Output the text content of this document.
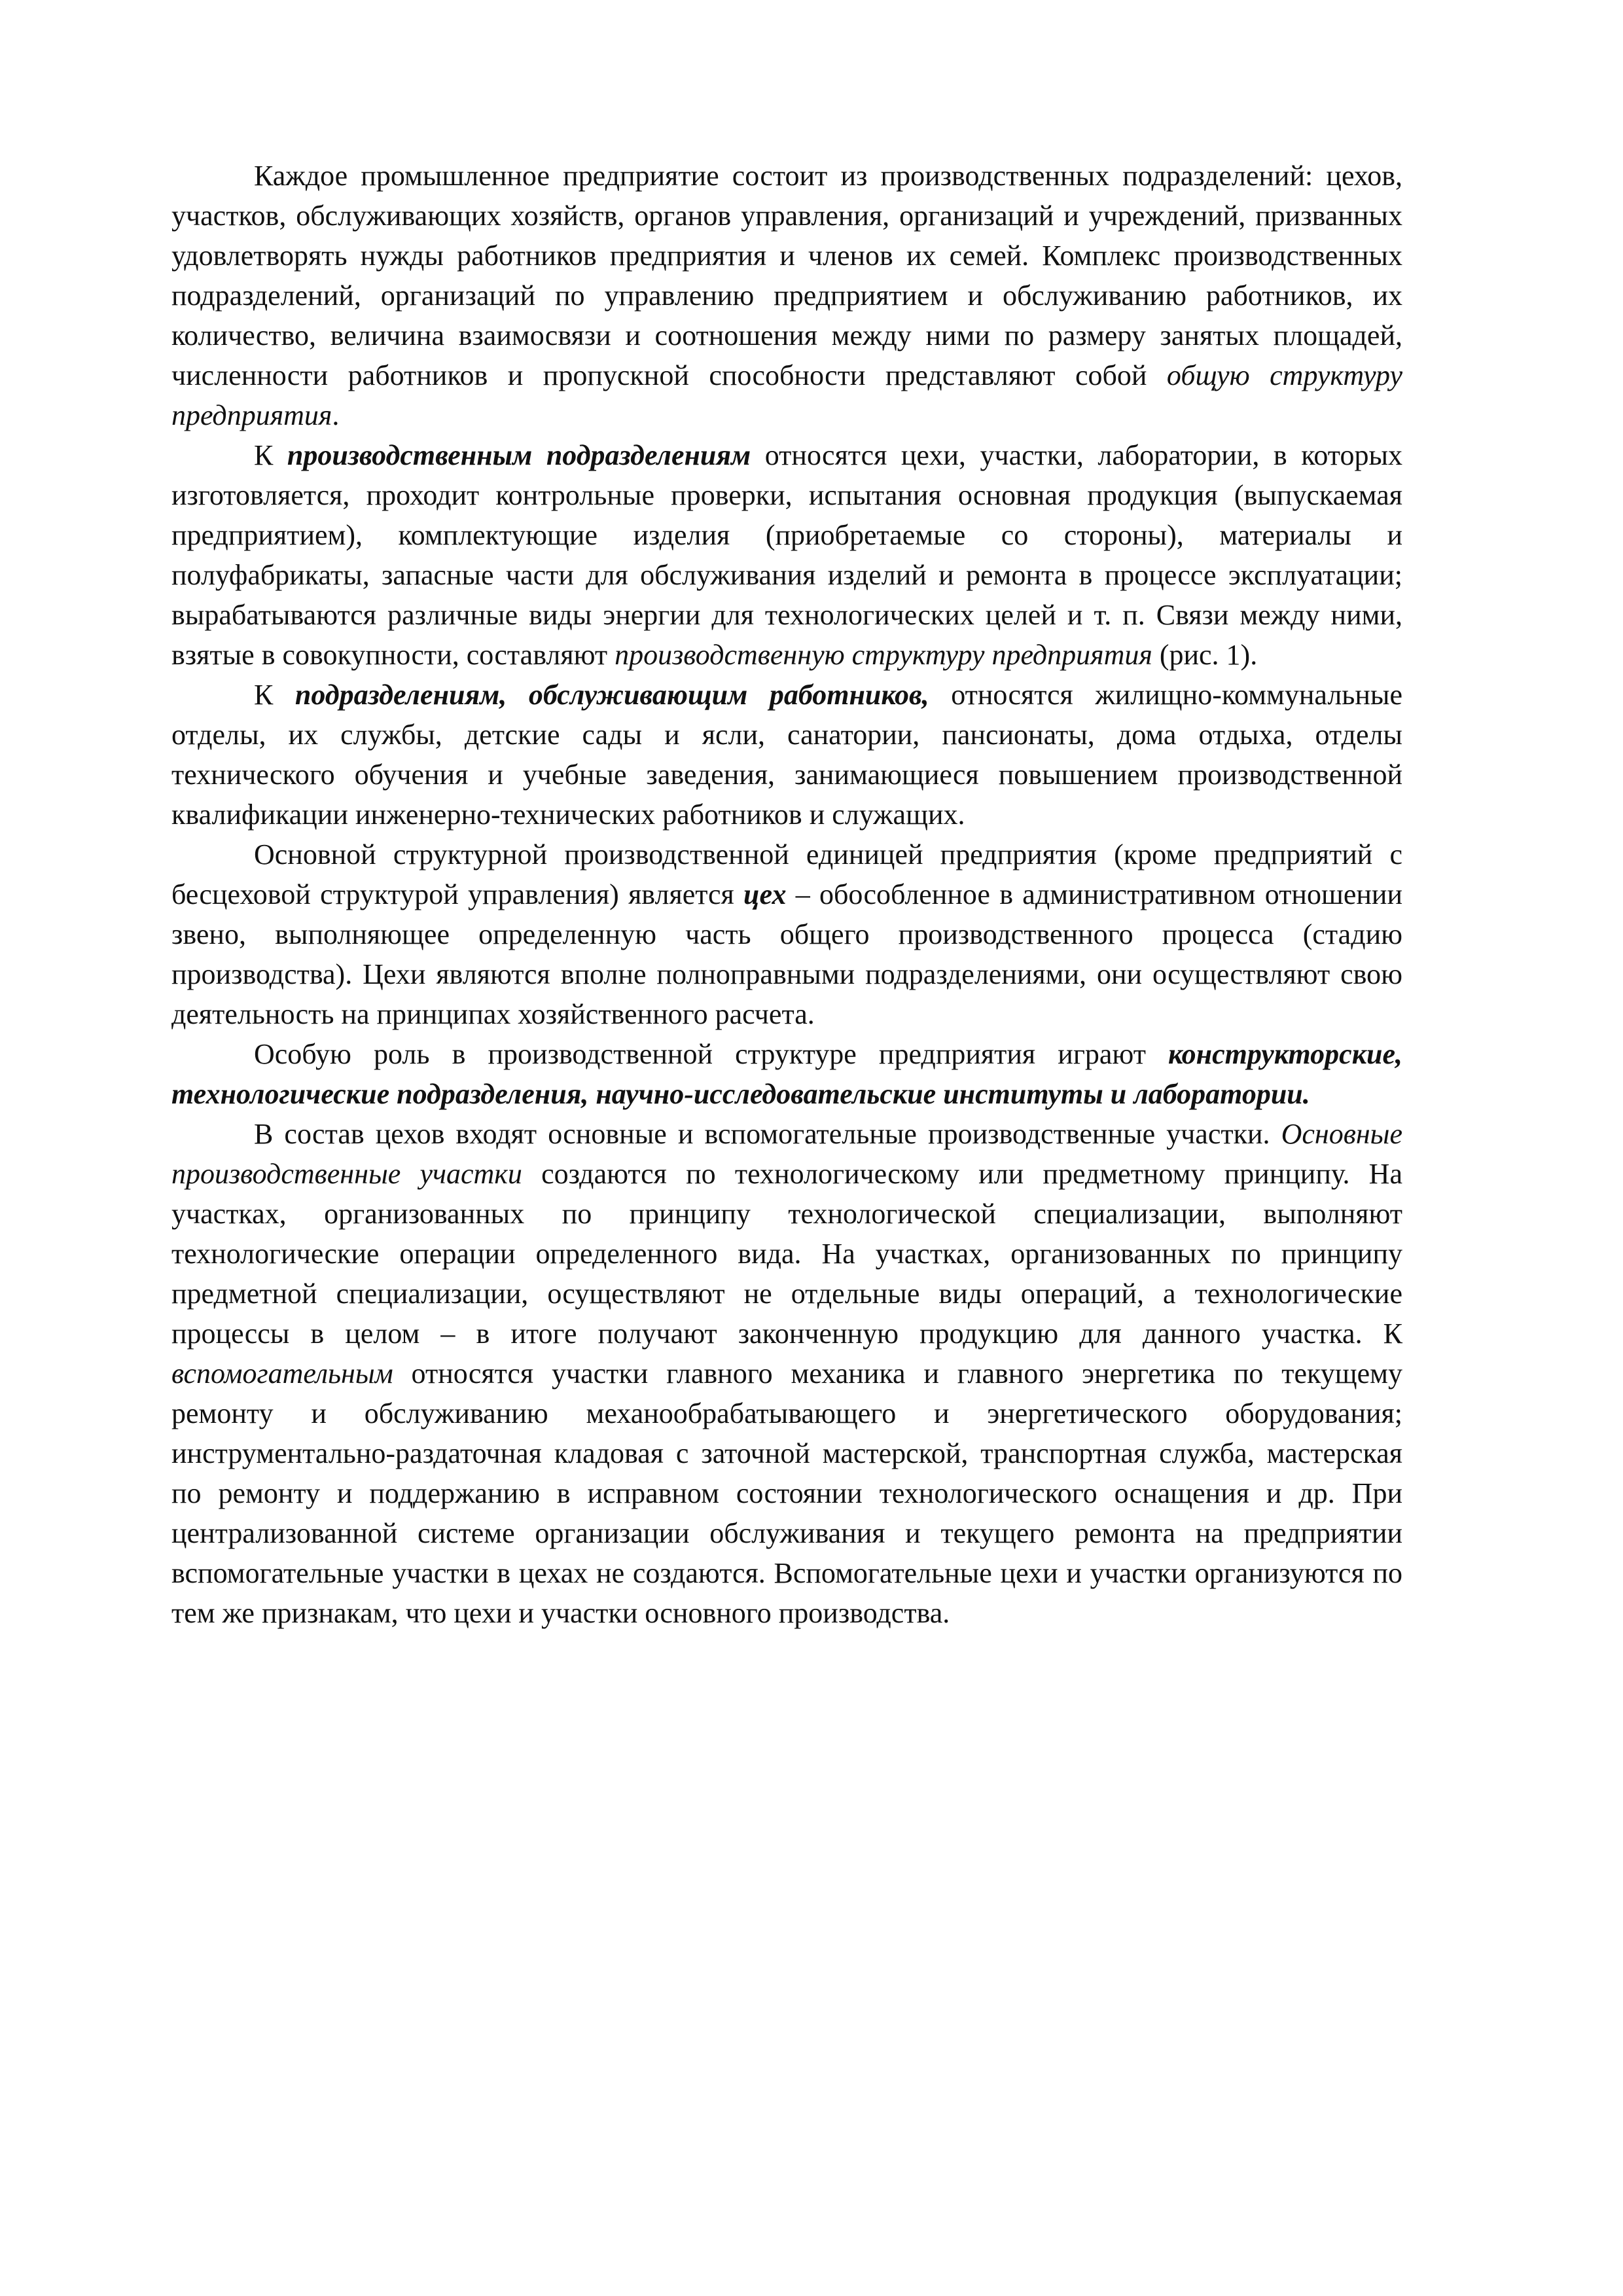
Каждое промышленное предприятие состоит из производственных подразделений: цехов, участков, обслуживающих хозяйств, органов управления, организаций и учреждений, призванных удовлетворять нужды работников предприятия и членов их семей. Комплекс производственных подразделений, организаций по управлению предприятием и обслуживанию работников, их количество, величина взаимосвязи и соотношения между ними по размеру занятых площадей, численности работников и пропускной способности представляют собой общую структуру предприятия.

К производственным подразделениям относятся цехи, участки, лаборатории, в которых изготовляется, проходит контрольные проверки, испытания основная продукция (выпускаемая предприятием), комплектующие изделия (приобретаемые со стороны), материалы и полуфабрикаты, запасные части для обслуживания изделий и ремонта в процессе эксплуатации; вырабатываются различные виды энергии для технологических целей и т. п. Связи между ними, взятые в совокупности, составляют производственную структуру предприятия (рис. 1).

К подразделениям, обслуживающим работников, относятся жилищно-коммунальные отделы, их службы, детские сады и ясли, санатории, пансионаты, дома отдыха, отделы технического обучения и учебные заведения, занимающиеся повышением производственной квалификации инженерно-технических работников и служащих.

Основной структурной производственной единицей предприятия (кроме предприятий с бесцеховой структурой управления) является цех – обособленное в административном отношении звено, выполняющее определенную часть общего производственного процесса (стадию производства). Цехи являются вполне полноправными подразделениями, они осуществляют свою деятельность на принципах хозяйственного расчета.

Особую роль в производственной структуре предприятия играют конструкторские, технологические подразделения, научно-исследовательские институты и лаборатории.

В состав цехов входят основные и вспомогательные производственные участки. Основные производственные участки создаются по технологическому или предметному принципу. На участках, организованных по принципу технологической специализации, выполняют технологические операции определенного вида. На участках, организованных по принципу предметной специализации, осуществляют не отдельные виды операций, а технологические процессы в целом – в итоге получают законченную продукцию для данного участка. К вспомогательным относятся участки главного механика и главного энергетика по текущему ремонту и обслуживанию механообрабатывающего и энергетического оборудования; инструментально-раздаточная кладовая с заточной мастерской, транспортная служба, мастерская по ремонту и поддержанию в исправном состоянии технологического оснащения и др. При централизованной системе организации обслуживания и текущего ремонта на предприятии вспомогательные участки в цехах не создаются. Вспомогательные цехи и участки организуются по тем же признакам, что цехи и участки основного производства.
